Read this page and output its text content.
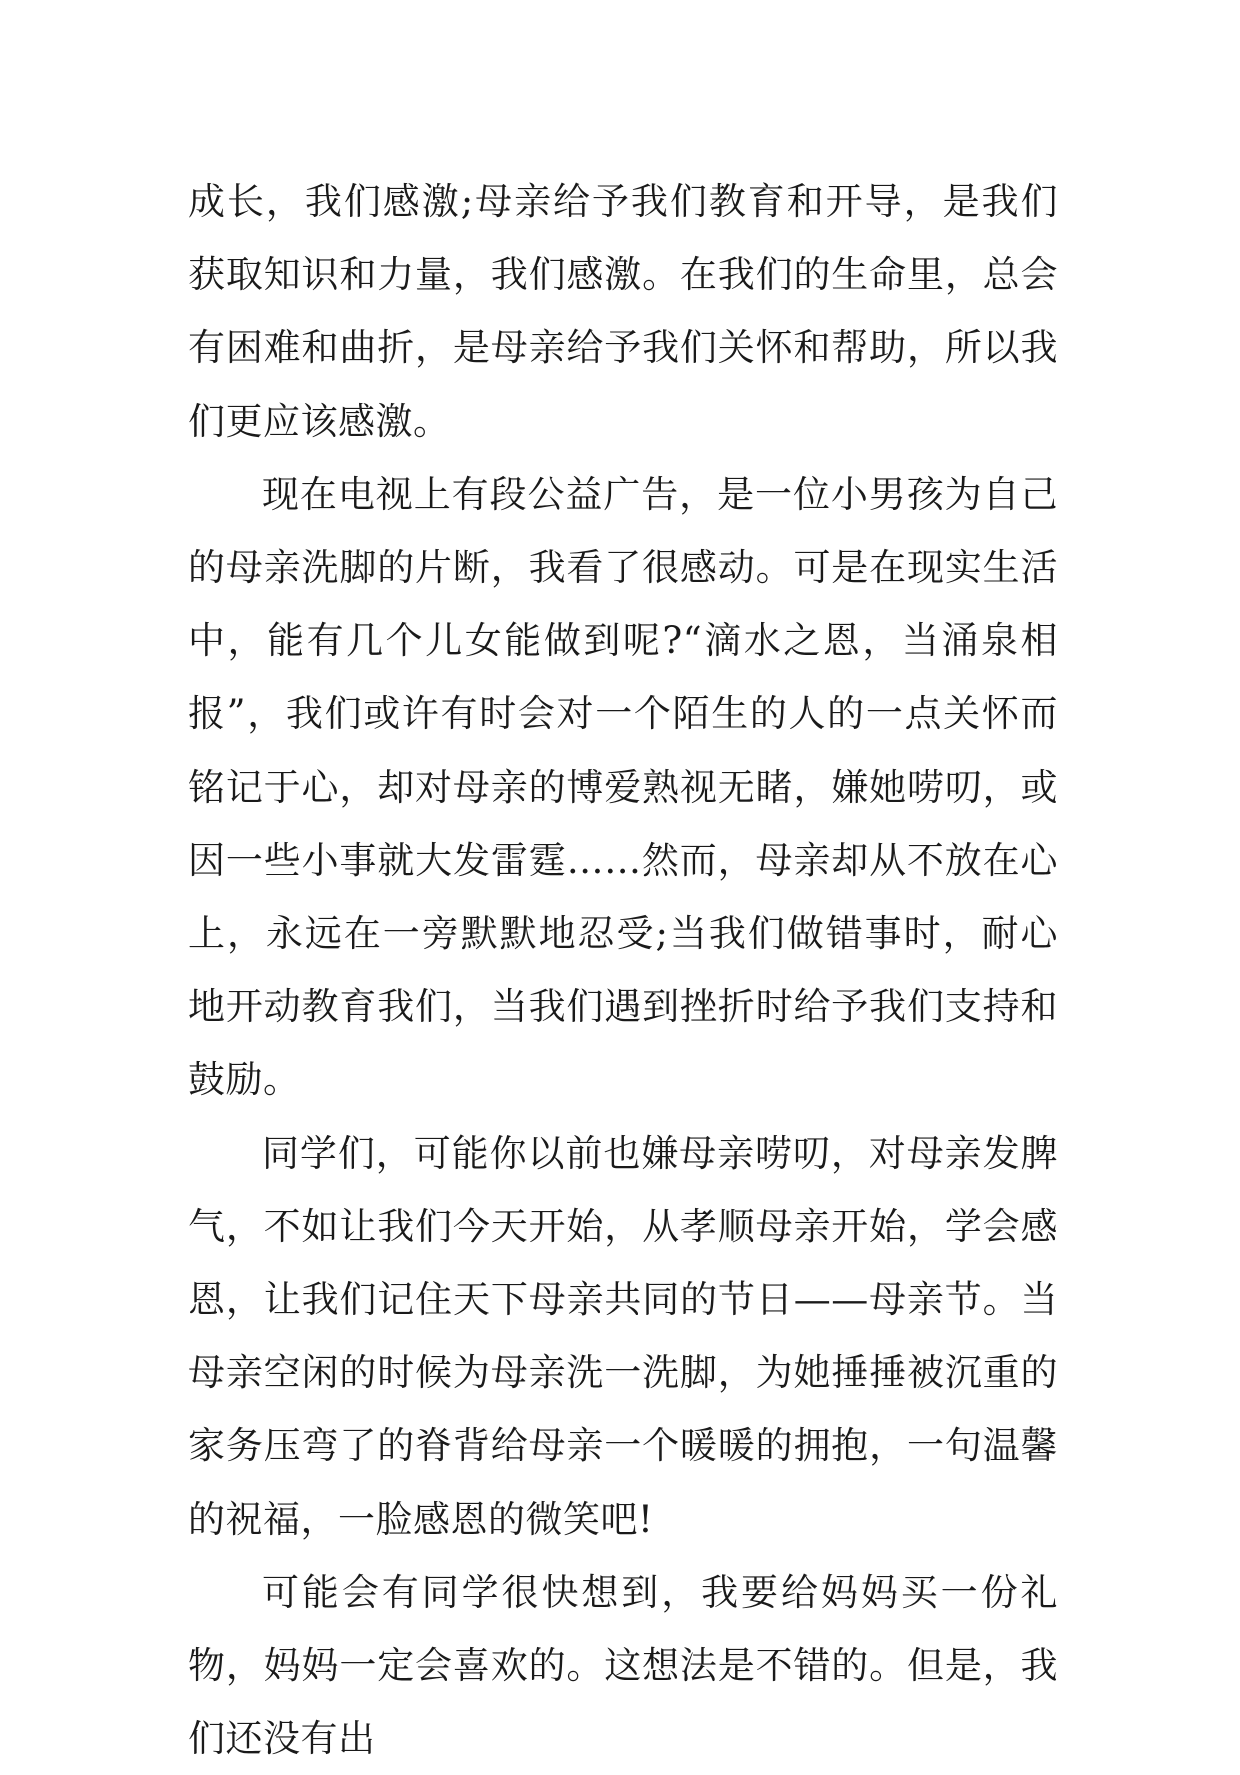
成长，我们感激;母亲给予我们教育和开导，是我们获取知识和力量，我们感激。在我们的生命里，总会有困难和曲折，是母亲给予我们关怀和帮助，所以我们更应该感激。

现在电视上有段公益广告，是一位小男孩为自己的母亲洗脚的片断，我看了很感动。可是在现实生活中，能有几个儿女能做到呢?“滴水之恩，当涌泉相报”，我们或许有时会对一个陌生的人的一点关怀而铭记于心，却对母亲的博爱熟视无睹，嫌她唠叨，或因一些小事就大发雷霆……然而，母亲却从不放在心上，永远在一旁默默地忍受;当我们做错事时，耐心地开动教育我们，当我们遇到挫折时给予我们支持和鼓励。

同学们，可能你以前也嫌母亲唠叨，对母亲发脾气，不如让我们今天开始，从孝顺母亲开始，学会感恩，让我们记住天下母亲共同的节日——母亲节。当母亲空闲的时候为母亲洗一洗脚，为她捶捶被沉重的家务压弯了的脊背给母亲一个暖暖的拥抱，一句温馨的祝福，一脸感恩的微笑吧!

可能会有同学很快想到，我要给妈妈买一份礼物，妈妈一定会喜欢的。这想法是不错的。但是，我们还没有出
